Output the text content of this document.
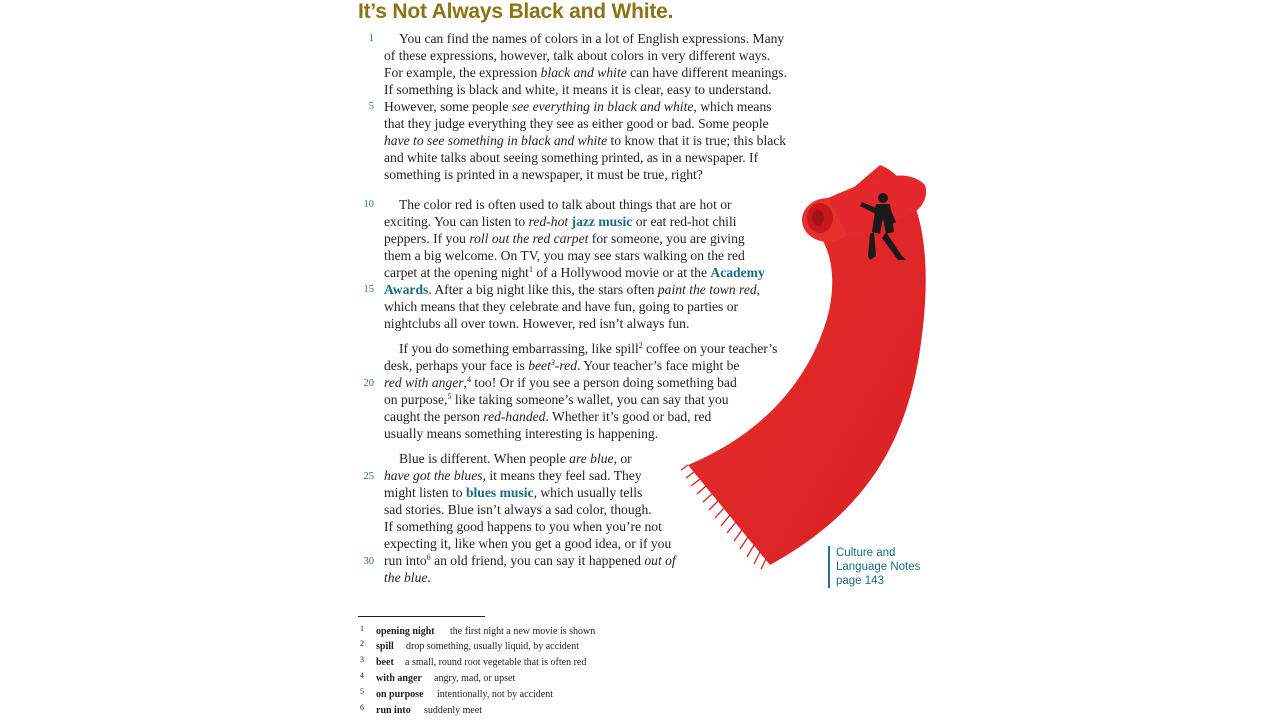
It’s Not Always Black and White.
1
5
10
15
20
25
30
You can find the names of colors in a lot of English expressions. Many
of these expressions, however, talk about colors in very different ways.
For example, the expression black and white can have different meanings.
If something is black and white, it means it is clear, easy to understand.
However, some people see everything in black and white, which means
that they judge everything they see as either good or bad. Some people
have to see something in black and white to know that it is true; this black
and white talks about seeing something printed, as in a newspaper. If
something is printed in a newspaper, it must be true, right?
The color red is often used to talk about things that are hot or
exciting. You can listen to red-hot jazz music or eat red-hot chili
peppers. If you roll out the red carpet for someone, you are giving
them a big welcome. On TV, you may see stars walking on the red
carpet at the opening night$^1$ of a Hollywood movie or at the Academy
Awards. After a big night like this, the stars often paint the town red,
which means that they celebrate and have fun, going to parties or
nightclubs all over town. However, red isn’t always fun.
If you do something embarrassing, like spill$^2$ coffee on your teacher’s
desk, perhaps your face is beet$^3$-red. Your teacher’s face might be
red with anger,$^4$ too! Or if you see a person doing something bad
on purpose,$^5$ like taking someone’s wallet, you can say that you
caught the person red-handed. Whether it’s good or bad, red
usually means something interesting is happening.
Blue is different. When people are blue, or
have got the blues, it means they feel sad. They
might listen to blues music, which usually tells
sad stories. Blue isn’t always a sad color, though.
If something good happens to you when you’re not
expecting it, like when you get a good idea, or if you
run into$^6$ an old friend, you can say it happened out of
the blue.
Culture and
Language Notes
page 143
1 opening night the first night a new movie is shown
2 spill drop something, usually liquid, by accident
3 beet a small, round root vegetable that is often red
4 with anger angry, mad, or upset
5 on purpose intentionally, not by accident
6 run into suddenly meet
